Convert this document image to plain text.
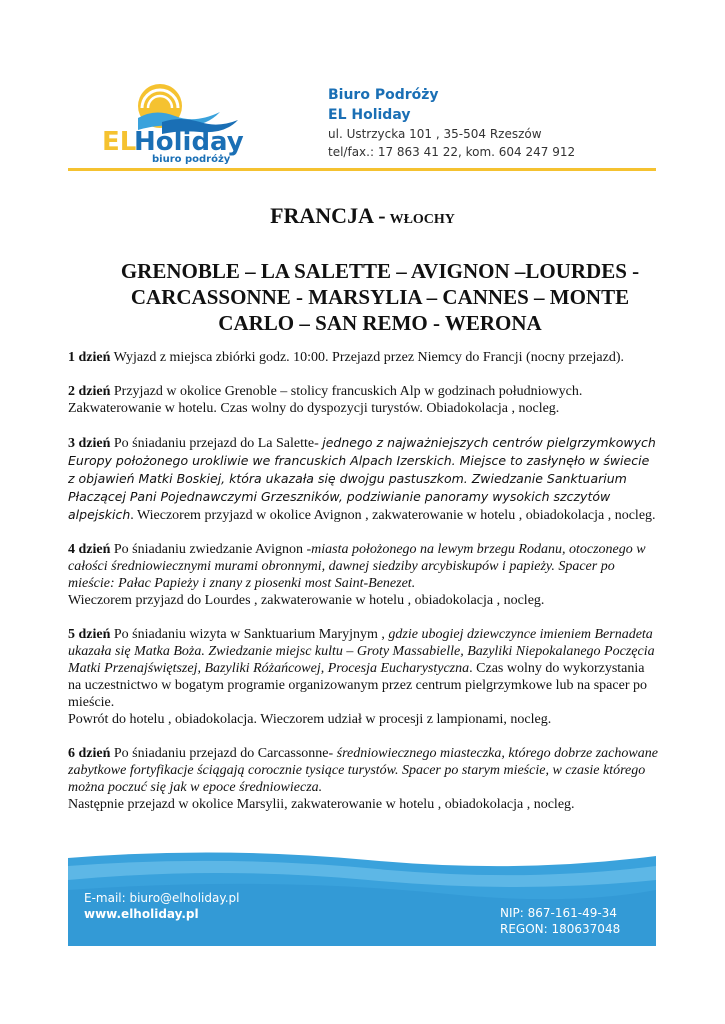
EL
Holiday
biuro podróży
Biuro Podróży
EL Holiday
ul. Ustrzycka 101 , 35-504 Rzeszów
tel/fax.: 17 863 41 22, kom. 604 247 912
FRANCJA - WŁOCHY
GRENOBLE – LA SALETTE – AVIGNON –LOURDES -
CARCASSONNE - MARSYLIA – CANNES – MONTE
CARLO – SAN REMO - WERONA

1 dzień Wyjazd z miejsca zbiórki godz. 10:00. Przejazd przez Niemcy do Francji (nocny przejazd).

2 dzień Przyjazd w okolice Grenoble – stolicy francuskich Alp w godzinach południowych. Zakwaterowanie w hotelu. Czas wolny do dyspozycji turystów. Obiadokolacja , nocleg.

3 dzień Po śniadaniu przejazd do La Salette- jednego z najważniejszych centrów pielgrzymkowych Europy położonego urokliwie we francuskich Alpach Izerskich. Miejsce to zasłynęło w świecie z objawień Matki Boskiej, która ukazała się dwojgu pastuszkom. Zwiedzanie Sanktuarium Płaczącej Pani Pojednawczymi Grzeszników, podziwianie panoramy wysokich szczytów alpejskich. Wieczorem przyjazd w okolice Avignon , zakwaterowanie w hotelu , obiadokolacja , nocleg.

4 dzień Po śniadaniu zwiedzanie Avignon -miasta położonego na lewym brzegu Rodanu, otoczonego w całości średniowiecznymi murami obronnymi, dawnej siedziby arcybiskupów i papieży. Spacer po mieście: Pałac Papieży i znany z piosenki most Saint-Benezet.
Wieczorem przyjazd do Lourdes , zakwaterowanie w hotelu , obiadokolacja , nocleg.

5 dzień Po śniadaniu wizyta w Sanktuarium Maryjnym , gdzie ubogiej dziewczynce imieniem Bernadeta ukazała się Matka Boża. Zwiedzanie miejsc kultu – Groty Massabielle, Bazyliki Niepokalanego Poczęcia Matki Przenajświętszej, Bazyliki Różańcowej, Procesja Eucharystyczna. Czas wolny do wykorzystania na uczestnictwo w bogatym programie organizowanym przez centrum pielgrzymkowe lub na spacer po mieście.
Powrót do hotelu , obiadokolacja. Wieczorem udział w procesji z lampionami, nocleg.

6 dzień Po śniadaniu przejazd do Carcassonne- średniowiecznego miasteczka, którego dobrze zachowane zabytkowe fortyfikacje ściągają corocznie tysiące turystów. Spacer po starym mieście, w czasie którego można poczuć się jak w epoce średniowiecza.
Następnie przejazd w okolice Marsylii, zakwaterowanie w hotelu , obiadokolacja , nocleg.

E-mail: biuro@elholiday.pl
www.elholiday.pl	NIP: 867-161-49-34
REGON: 180637048
